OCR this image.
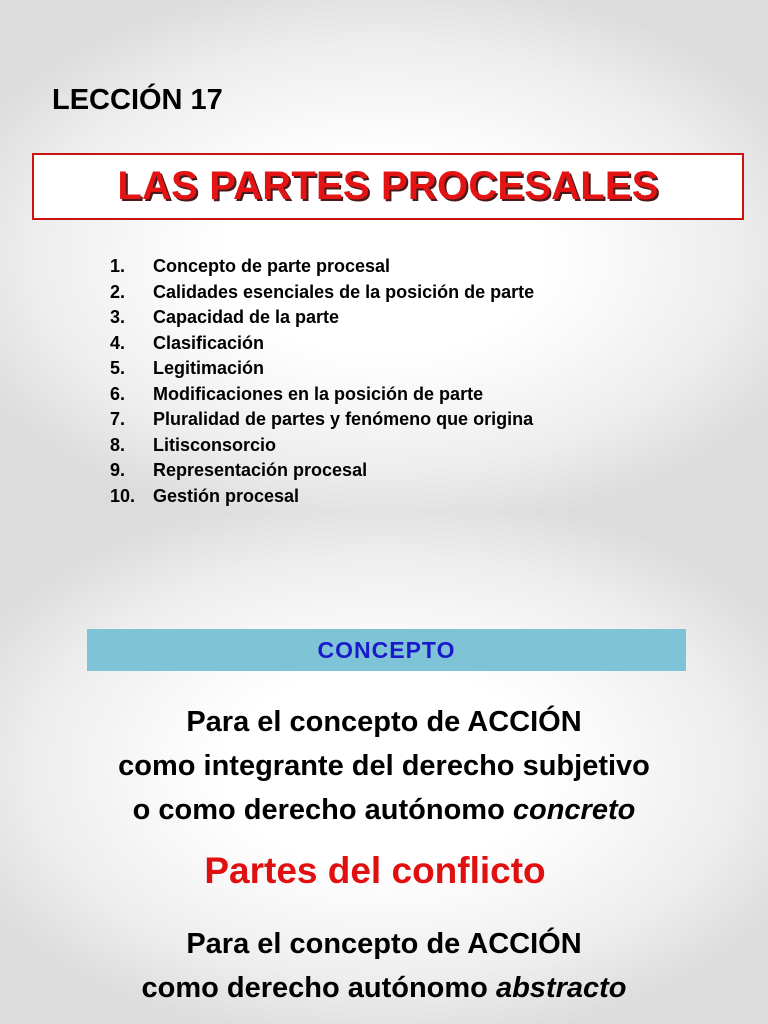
LECCIÓN 17
LAS PARTES PROCESALES
1.	Concepto de parte procesal
2.	Calidades esenciales de la posición de parte
3.	Capacidad de la parte
4.	Clasificación
5.	Legitimación
6.	Modificaciones en la posición de parte
7.	Pluralidad de partes y fenómeno que origina
8.	Litisconsorcio
9.	Representación procesal
10. Gestión procesal
CONCEPTO
Para el concepto de ACCIÓN
como integrante del derecho subjetivo
o como derecho autónomo concreto
Partes del conflicto
Para el concepto de ACCIÓN
como derecho autónomo abstracto
